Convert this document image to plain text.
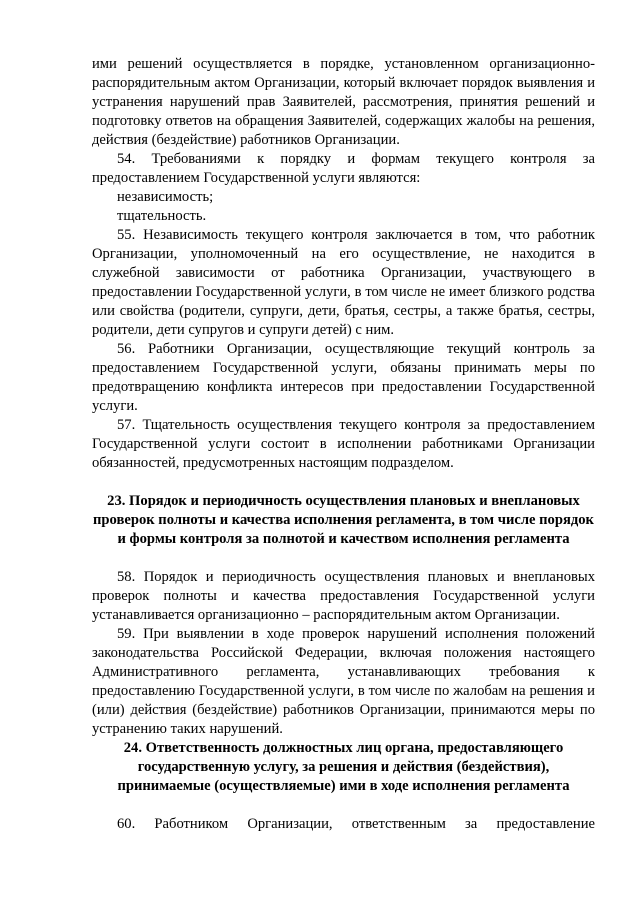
ими решений осуществляется в порядке, установленном организационно-распорядительным актом Организации, который включает порядок выявления и устранения нарушений прав Заявителей, рассмотрения, принятия решений и подготовку ответов на обращения Заявителей, содержащих жалобы на решения, действия (бездействие) работников Организации.

54. Требованиями к порядку и формам текущего контроля за предоставлением Государственной услуги являются:

независимость;

тщательность.

55. Независимость текущего контроля заключается в том, что работник Организации, уполномоченный на его осуществление, не находится в служебной зависимости от работника Организации, участвующего в предоставлении Государственной услуги, в том числе не имеет близкого родства или свойства (родители, супруги, дети, братья, сестры, а также братья, сестры, родители, дети супругов и супруги детей) с ним.

56. Работники Организации, осуществляющие текущий контроль за предоставлением Государственной услуги, обязаны принимать меры по предотвращению конфликта интересов при предоставлении Государственной услуги.

57. Тщательность осуществления текущего контроля за предоставлением Государственной услуги состоит в исполнении работниками Организации обязанностей, предусмотренных настоящим подразделом.

23. Порядок и периодичность осуществления плановых и внеплановых проверок полноты и качества исполнения регламента, в том числе порядок и формы контроля за полнотой и качеством исполнения регламента

58. Порядок и периодичность осуществления плановых и внеплановых проверок полноты и качества предоставления Государственной услуги устанавливается организационно – распорядительным актом Организации.

59. При выявлении в ходе проверок нарушений исполнения положений законодательства Российской Федерации, включая положения настоящего Административного регламента, устанавливающих требования к предоставлению Государственной услуги, в том числе по жалобам на решения и (или) действия (бездействие) работников Организации, принимаются меры по устранению таких нарушений.

24. Ответственность должностных лиц органа, предоставляющего государственную услугу, за решения и действия (бездействия), принимаемые (осуществляемые) ими в ходе исполнения регламента

60. Работником Организации, ответственным за предоставление
